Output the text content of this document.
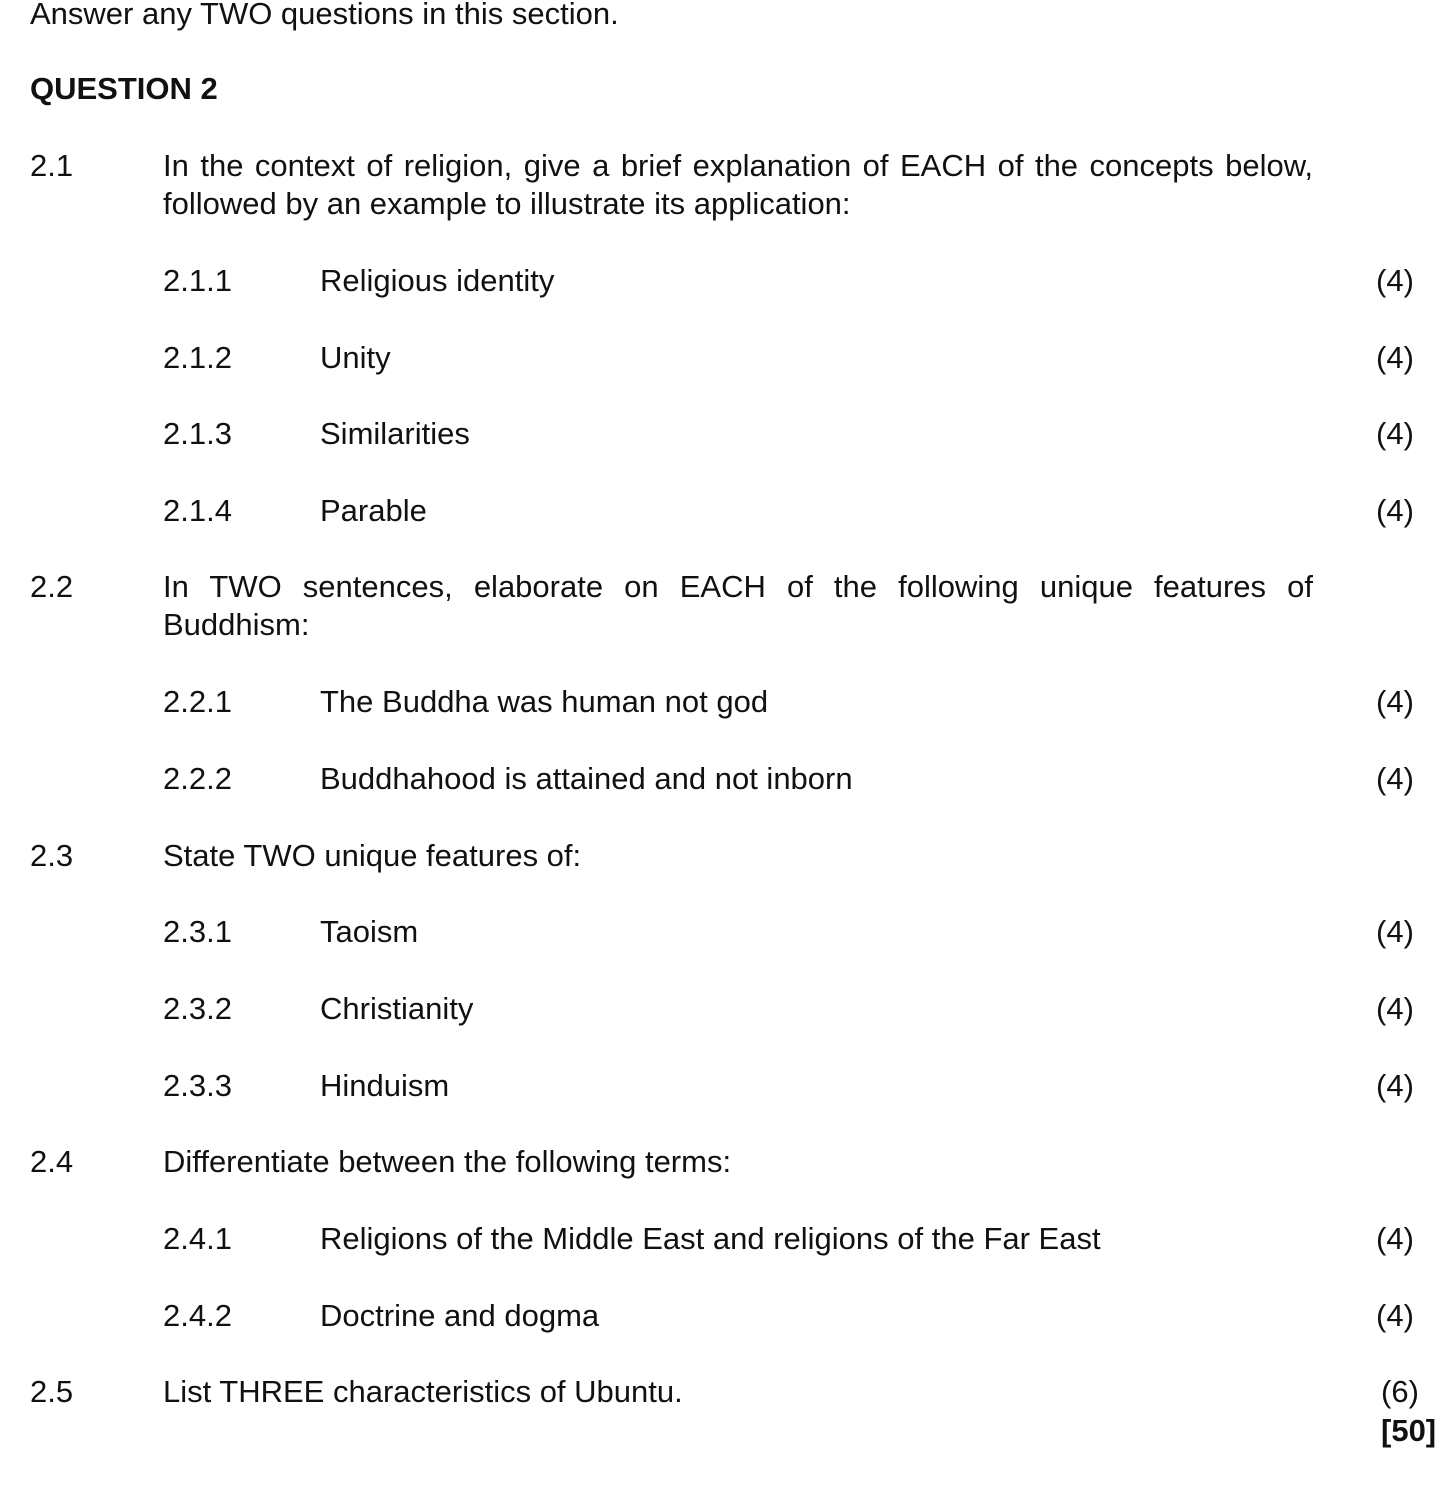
Answer any TWO questions in this section.
QUESTION 2
2.1	In the context of religion, give a brief explanation of EACH of the concepts below, followed by an example to illustrate its application:
2.1.1	Religious identity	(4)
2.1.2	Unity	(4)
2.1.3	Similarities	(4)
2.1.4	Parable	(4)
2.2	In TWO sentences, elaborate on EACH of the following unique features of Buddhism:
2.2.1	The Buddha was human not god	(4)
2.2.2	Buddhahood is attained and not inborn	(4)
2.3	State TWO unique features of:
2.3.1	Taoism	(4)
2.3.2	Christianity	(4)
2.3.3	Hinduism	(4)
2.4	Differentiate between the following terms:
2.4.1	Religions of the Middle East and religions of the Far East	(4)
2.4.2	Doctrine and dogma	(4)
2.5	List THREE characteristics of Ubuntu.	(6)
[50]
